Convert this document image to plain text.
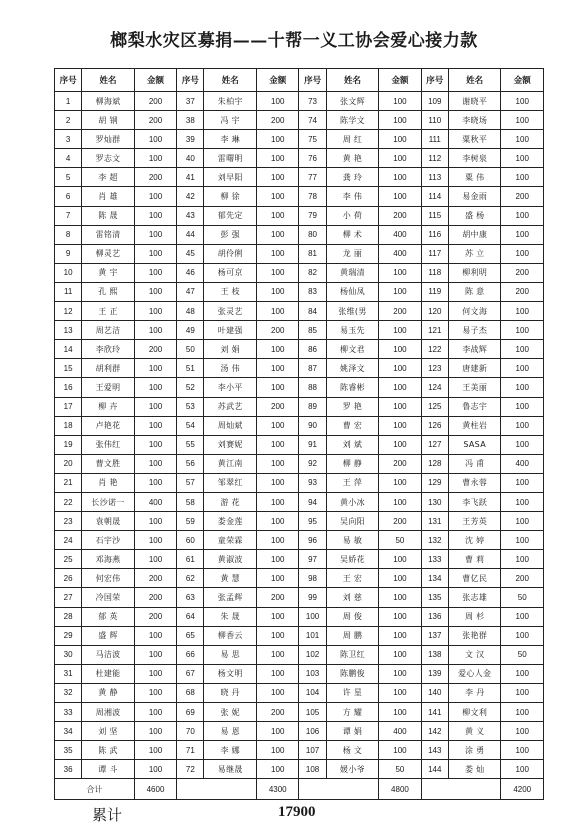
榔梨水灾区募捐——十帮一义工协会爱心接力款
序号	姓名	金额	序号	姓名	金额	序号	姓名	金额	序号	姓名	金额
1	柳海斌	200	37	朱柏宇	100	73	张文辉	100	109	谢晓平	100
2	胡 钢	200	38	冯 宇	200	74	陈学文	100	110	李晓场	100
3	罗灿群	100	39	李 琳	100	75	周 红	100	111	粟秋平	100
4	罗志文	100	40	雷曙明	100	76	黄 艳	100	112	李树泉	100
5	李 超	200	41	刘早阳	100	77	龚 玲	100	113	粟 伟	100
6	肖 雄	100	42	柳 徐	100	78	李 伟	100	114	易金雨	200
7	陈 晟	100	43	郁先定	100	79	小 荷	200	115	盛 杨	100
8	雷铭清	100	44	彭 强	100	80	柳 术	400	116	胡中康	100
9	柳灵艺	100	45	胡伶俐	100	81	龙 丽	400	117	苏 立	100
10	黄 宇	100	46	杨可京	100	82	黄瑞清	100	118	柳利明	200
11	孔 熙	100	47	王 枝	100	83	杨仙凤	100	119	陈 意	200
12	王 正	100	48	张灵艺	100	84	张维(男	200	120	何文海	100
13	周艺洁	100	49	叶建强	200	85	易玉先	100	121	易子杰	100
14	李欣玲	200	50	刘 娟	100	86	柳文君	100	122	李战辉	100
15	胡利群	100	51	汤 伟	100	87	姚泽文	100	123	唐建新	100
16	王爱明	100	52	李小平	100	88	陈睿彬	100	124	王美丽	100
17	柳 卉	100	53	苏武艺	200	89	罗 艳	100	125	鲁志宇	100
18	卢艳花	100	54	周灿斌	100	90	曹 宏	100	126	黄柱岩	100
19	张伟红	100	55	刘赛妮	100	91	刘 斌	100	127	SASA	100
20	曹文胜	100	56	黄江南	100	92	柳 静	200	128	冯 甫	400
21	肖 艳	100	57	邹翠红	100	93	王 萍	100	129	曹永蓉	100
22	长沙诺一	400	58	游 花	100	94	黄小冰	100	130	李飞跃	100
23	袁朝晟	100	59	娄金莲	100	95	吴向阳	200	131	王芳英	100
24	石宇沙	100	60	童荣霖	100	96	易 敏	50	132	沈 婷	100
25	邓海燕	100	61	黄淑波	100	97	吴娇花	100	133	曹 莉	100
26	何宏伟	200	62	黄 慧	100	98	王 宏	100	134	曹亿民	200
27	冷国荣	200	63	张孟辉	200	99	刘 慈	100	135	张志雄	50
28	郁 英	200	64	朱 晟	100	100	周 俊	100	136	周 杉	100
29	盛 辉	100	65	柳香云	100	101	周 鹏	100	137	张艳群	100
30	马洁波	100	66	易 思	100	102	陈卫红	100	138	文 汉	50
31	杜建能	100	67	杨文明	100	103	陈鹏俊	100	139	爱心人金	100
32	黄 静	100	68	晓 丹	100	104	许 星	100	140	李 丹	100
33	周湘波	100	69	张 妮	200	105	方 耀	100	141	柳文利	100
34	刘 坚	100	70	易 恩	100	106	谭 娟	400	142	黄 义	100
35	陈 武	100	71	李 娜	100	107	杨 文	100	143	涂 勇	100
36	谭 斗	100	72	易继晟	100	108	媛小爷	50	144	娄 灿	100
合计		4600			4300			4800			4200
累计	17900
